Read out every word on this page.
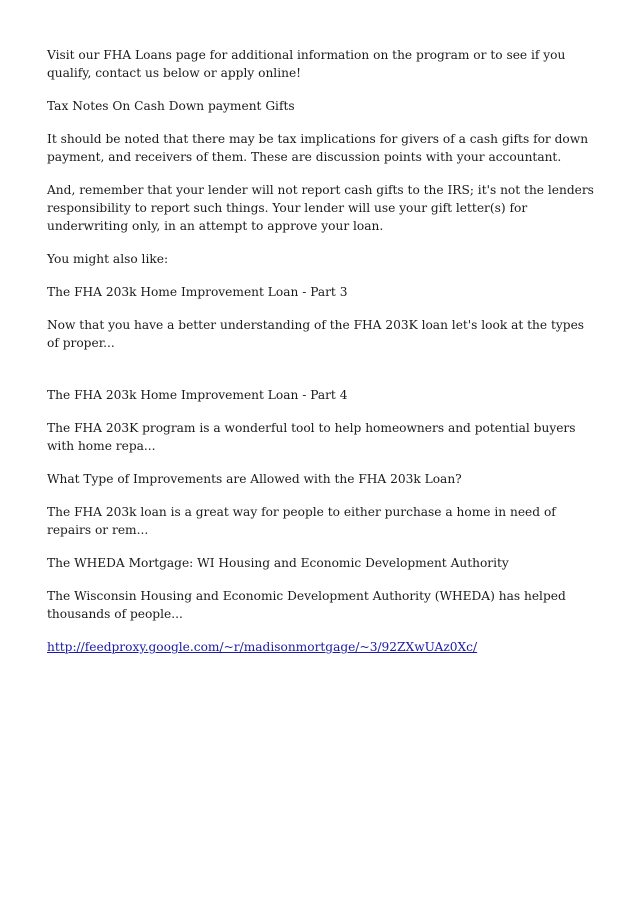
Visit our FHA Loans page for additional information on the program or to see if you qualify, contact us below or apply online!

Tax Notes On Cash Down payment Gifts

It should be noted that there may be tax implications for givers of a cash gifts for down payment, and receivers of them. These are discussion points with your accountant.

And, remember that your lender will not report cash gifts to the IRS; it's not the lenders responsibility to report such things. Your lender will use your gift letter(s) for underwriting only, in an attempt to approve your loan.

You might also like:

The FHA 203k Home Improvement Loan - Part 3

Now that you have a better understanding of the FHA 203K loan let's look at the types of proper...

The FHA 203k Home Improvement Loan - Part 4

The FHA 203K program is a wonderful tool to help homeowners and potential buyers with home repa...

What Type of Improvements are Allowed with the FHA 203k Loan?

The FHA 203k loan is a great way for people to either purchase a home in need of repairs or rem...

The WHEDA Mortgage: WI Housing and Economic Development Authority

The Wisconsin Housing and Economic Development Authority (WHEDA) has helped thousands of people...

http://feedproxy.google.com/~r/madisonmortgage/~3/92ZXwUAz0Xc/
